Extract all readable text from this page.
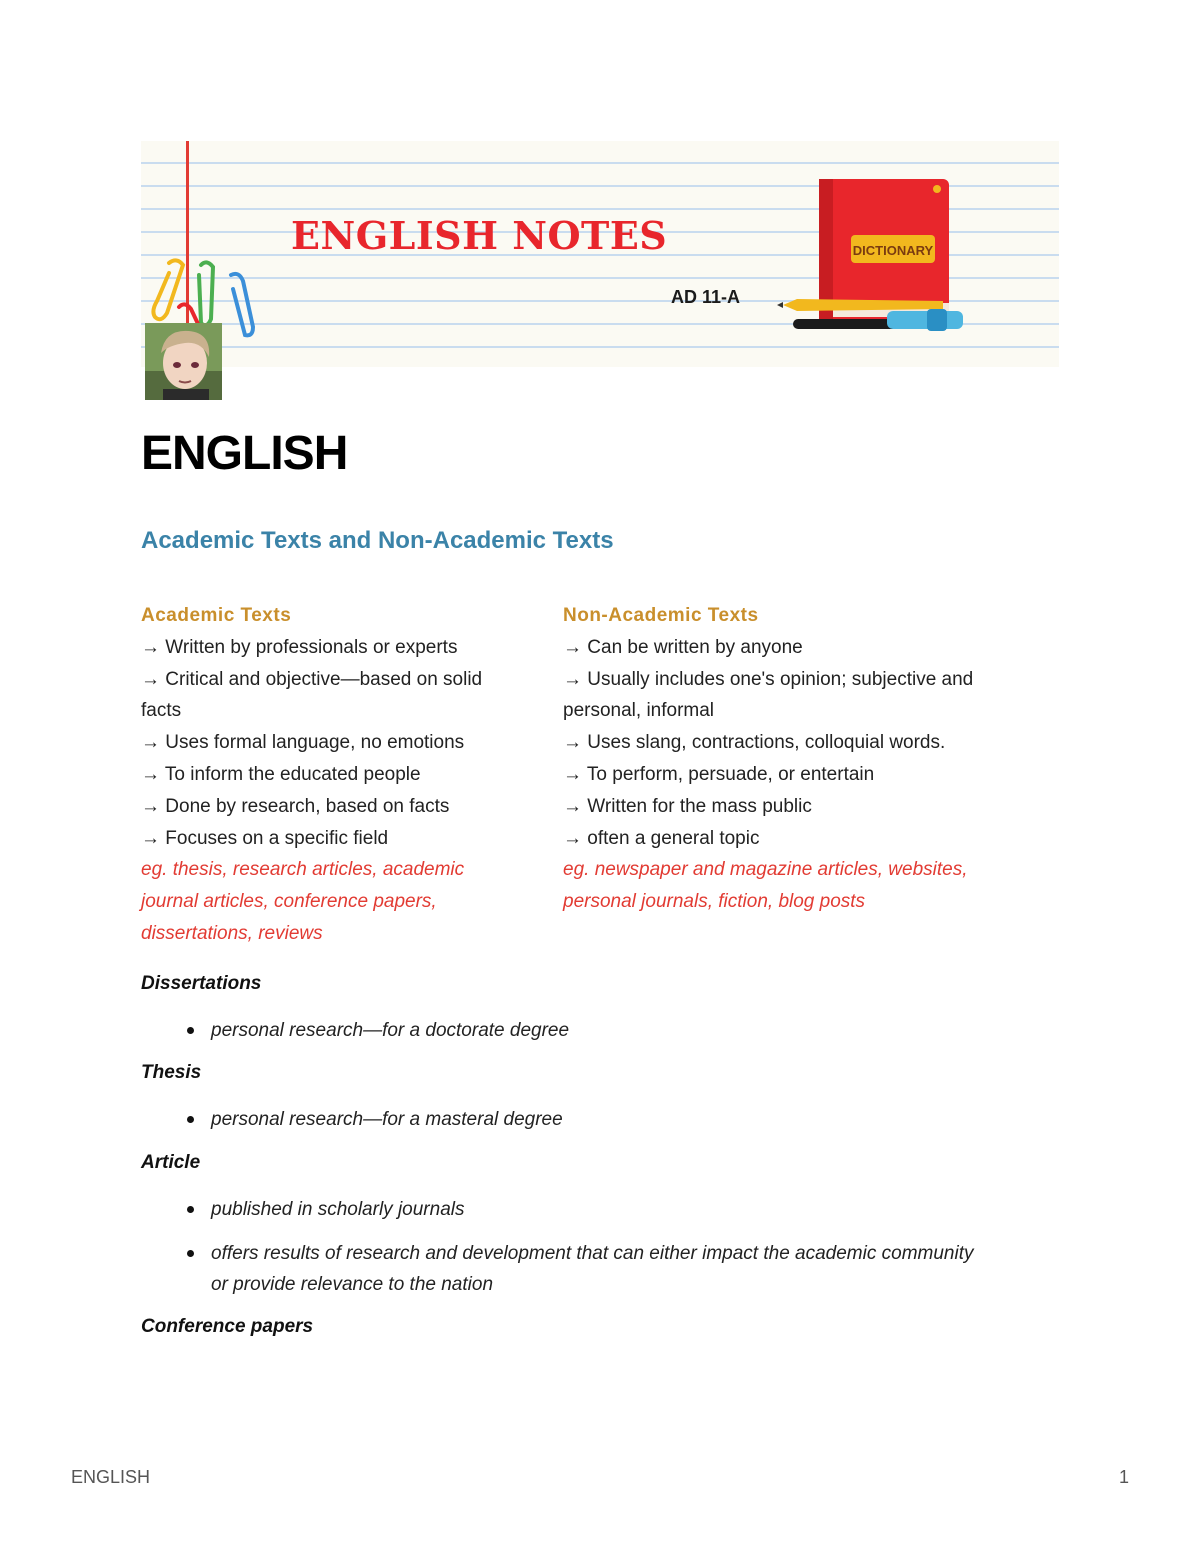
ENGLISH NOTES
AD 11-A
DICTIONARY
ENGLISH
Academic Texts and Non-Academic Texts
Academic Texts

→ Written by professionals or experts

→ Critical and objective—based on solid facts

→ Uses formal language, no emotions

→ To inform the educated people

→ Done by research, based on facts

→ Focuses on a specific field

eg. thesis, research articles, academic journal articles, conference papers, dissertations, reviews

Non-Academic Texts

→ Can be written by anyone

→ Usually includes one's opinion; subjective and personal, informal

→ Uses slang, contractions, colloquial words.

→ To perform, persuade, or entertain

→ Written for the mass public

→ often a general topic

eg. newspaper and magazine articles, websites, personal journals, fiction, blog posts

Dissertations

personal research—for a doctorate degree

Thesis

personal research—for a masteral degree

Article

published in scholarly journals

offers results of research and development that can either impact the academic community or provide relevance to the nation

Conference papers

ENGLISH	1
